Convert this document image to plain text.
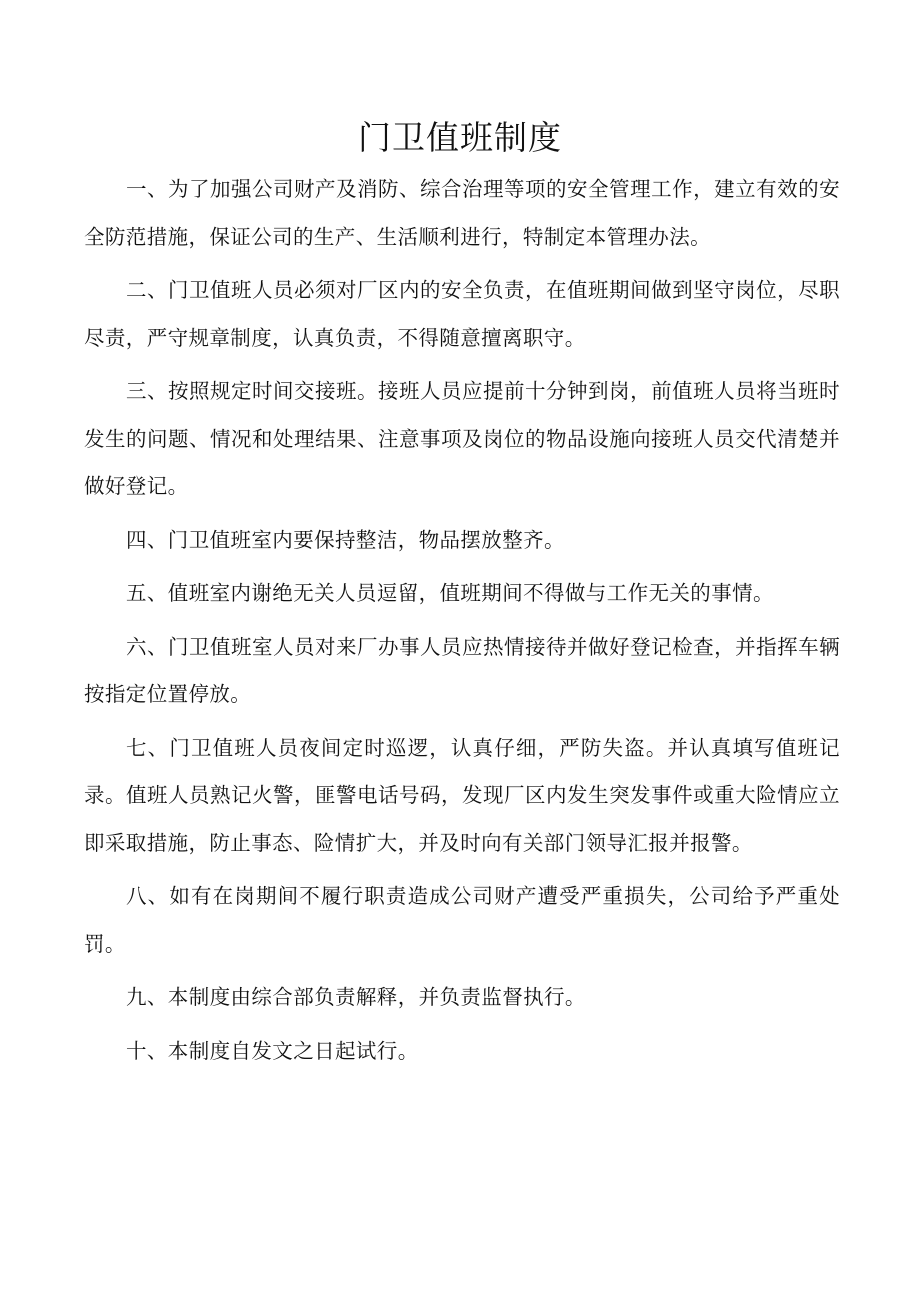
门卫值班制度

一、为了加强公司财产及消防、综合治理等项的安全管理工作，建立有效的安全防范措施，保证公司的生产、生活顺利进行，特制定本管理办法。

二、门卫值班人员必须对厂区内的安全负责，在值班期间做到坚守岗位，尽职尽责，严守规章制度，认真负责，不得随意擅离职守。

三、按照规定时间交接班。接班人员应提前十分钟到岗，前值班人员将当班时发生的问题、情况和处理结果、注意事项及岗位的物品设施向接班人员交代清楚并做好登记。

四、门卫值班室内要保持整洁，物品摆放整齐。

五、值班室内谢绝无关人员逗留，值班期间不得做与工作无关的事情。

六、门卫值班室人员对来厂办事人员应热情接待并做好登记检查，并指挥车辆按指定位置停放。

七、门卫值班人员夜间定时巡逻，认真仔细，严防失盗。并认真填写值班记录。值班人员熟记火警，匪警电话号码，发现厂区内发生突发事件或重大险情应立即采取措施，防止事态、险情扩大，并及时向有关部门领导汇报并报警。

八、如有在岗期间不履行职责造成公司财产遭受严重损失，公司给予严重处罚。

九、本制度由综合部负责解释，并负责监督执行。

十、本制度自发文之日起试行。
